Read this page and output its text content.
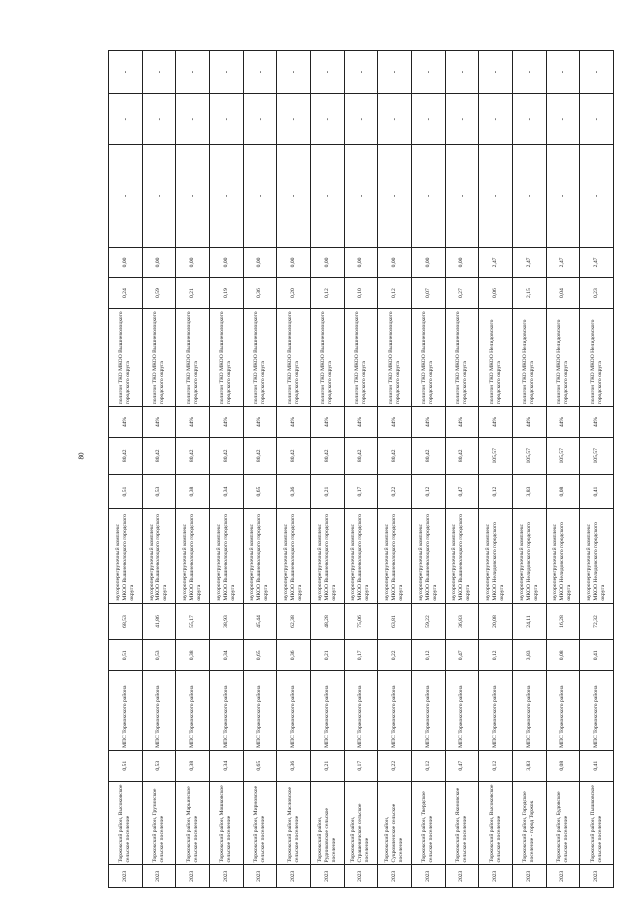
80
2023	Торжокский район, Высоковское сельское поселение	0,51	МПС Торжокского района	0,51	68,53	мусороперегрузочный комплекс МКОО Вышневолоцкого городского округа	0,51	80,42	44%	полигон ТКО МКОО Вышневолоцкого городского округа	0,24	0,00	-	-	-
2023	Торжокский район, Грузинское сельское поселение	0,53	МПС Торжокского района	0,53	41,86	мусороперегрузочный комплекс МКОО Вышневолоцкого городского округа	0,53	80,42	44%	полигон ТКО МКОО Вышневолоцкого городского округа	0,59	0,00	-	-	-
2023	Торжокский район, Марьинское сельское поселение	0,38	МПС Торжокского района	0,38	55,17	мусороперегрузочный комплекс МКОО Вышневолоцкого городского округа	0,38	80,42	44%	полигон ТКО МКОО Вышневолоцкого городского округа	0,21	0,00	-	-	-
2023	Торжокский район, Мошковское сельское поселение	0,34	МПС Торжокского района	0,34	38,93	мусороперегрузочный комплекс МКОО Вышневолоцкого городского округа	0,34	80,42	44%	полигон ТКО МКОО Вышневолоцкого городского округа	0,19	0,00	-	-	-
2023	Торжокский район, Мирновское сельское поселение	0,65	МПС Торжокского района	0,65	45,44	мусороперегрузочный комплекс МКОО Вышневолоцкого городского округа	0,65	80,42	44%	полигон ТКО МКОО Вышневолоцкого городского округа	0,36	0,00	-	-	-
2023	Торжокский район, Масловское сельское поселение	0,36	МПС Торжокского района	0,36	62,38	мусороперегрузочный комплекс МКОО Вышневолоцкого городского округа	0,36	80,42	44%	полигон ТКО МКОО Вышневолоцкого городского округа	0,20	0,00	-	-	-
2023	Торжокский район, Рудниковское сельское поселение	0,21	МПС Торжокского района	0,21	48,28	мусороперегрузочный комплекс МКОО Вышневолоцкого городского округа	0,21	80,42	44%	полигон ТКО МКОО Вышневолоцкого городского округа	0,12	0,00	-	-	-
2023	Торжокский район, Страшевичское сельское поселение	0,17	МПС Торжокского района	0,17	75,06	мусороперегрузочный комплекс МКОО Вышневолоцкого городского округа	0,17	80,42	44%	полигон ТКО МКОО Вышневолоцкого городского округа	0,10	0,00	-	-	-
2023	Торжокский район, Сукромленское сельское поселение	0,22	МПС Торжокского района	0,22	63,81	мусороперегрузочный комплекс МКОО Вышневолоцкого городского округа	0,22	80,42	44%	полигон ТКО МКОО Вышневолоцкого городского округа	0,12	0,00	-	-	-
2023	Торжокский район, Твердское сельское поселение	0,12	МПС Торжокского района	0,12	59,22	мусороперегрузочный комплекс МКОО Вышневолоцкого городского округа	0,12	80,42	44%	полигон ТКО МКОО Вышневолоцкого городского округа	0,07	0,00	-	-	-
2023	Торжокский район, Яконовское сельское поселение	0,47	МПС Торжокского района	0,47	36,83	мусороперегрузочный комплекс МКОО Вышневолоцкого городского округа	0,47	80,42	44%	полигон ТКО МКОО Вышневолоцкого городского округа	0,27	0,00	-	-	-
2023	Торжокский район, Высоковское сельское поселение	0,12	МПС Торжокского района	0,12	20,08	мусороперегрузочный комплекс МКОО Нелидовского городского округа	0,12	105,57	44%	полигон ТКО МКОО Нелидовского городского округа	0,06	2,47	-	-	-
2023	Торжокский район, Городское поселение - город Торжок	3,83	МПС Торжокского района	3,83	24,11	мусороперегрузочный комплекс МКОО Нелидовского городского округа	3,83	105,57	44%	полигон ТКО МКОО Нелидовского городского округа	2,15	2,47	-	-	-
2023	Торжокский район, Будовское сельское поселение	0,08	МПС Торжокского района	0,08	16,28	мусороперегрузочный комплекс МКОО Нелидовского городского округа	0,08	105,57	44%	полигон ТКО МКОО Нелидовского городского округа	0,04	2,47	-	-	-
2023	Торжокский район, Пышковское сельское поселение	0,41	МПС Торжокского района	0,41	72,32	мусороперегрузочный комплекс МКОО Нелидовского городского округа	0,41	105,57	44%	полигон ТКО МКОО Нелидовского городского округа	0,23	2,47	-	-	-
